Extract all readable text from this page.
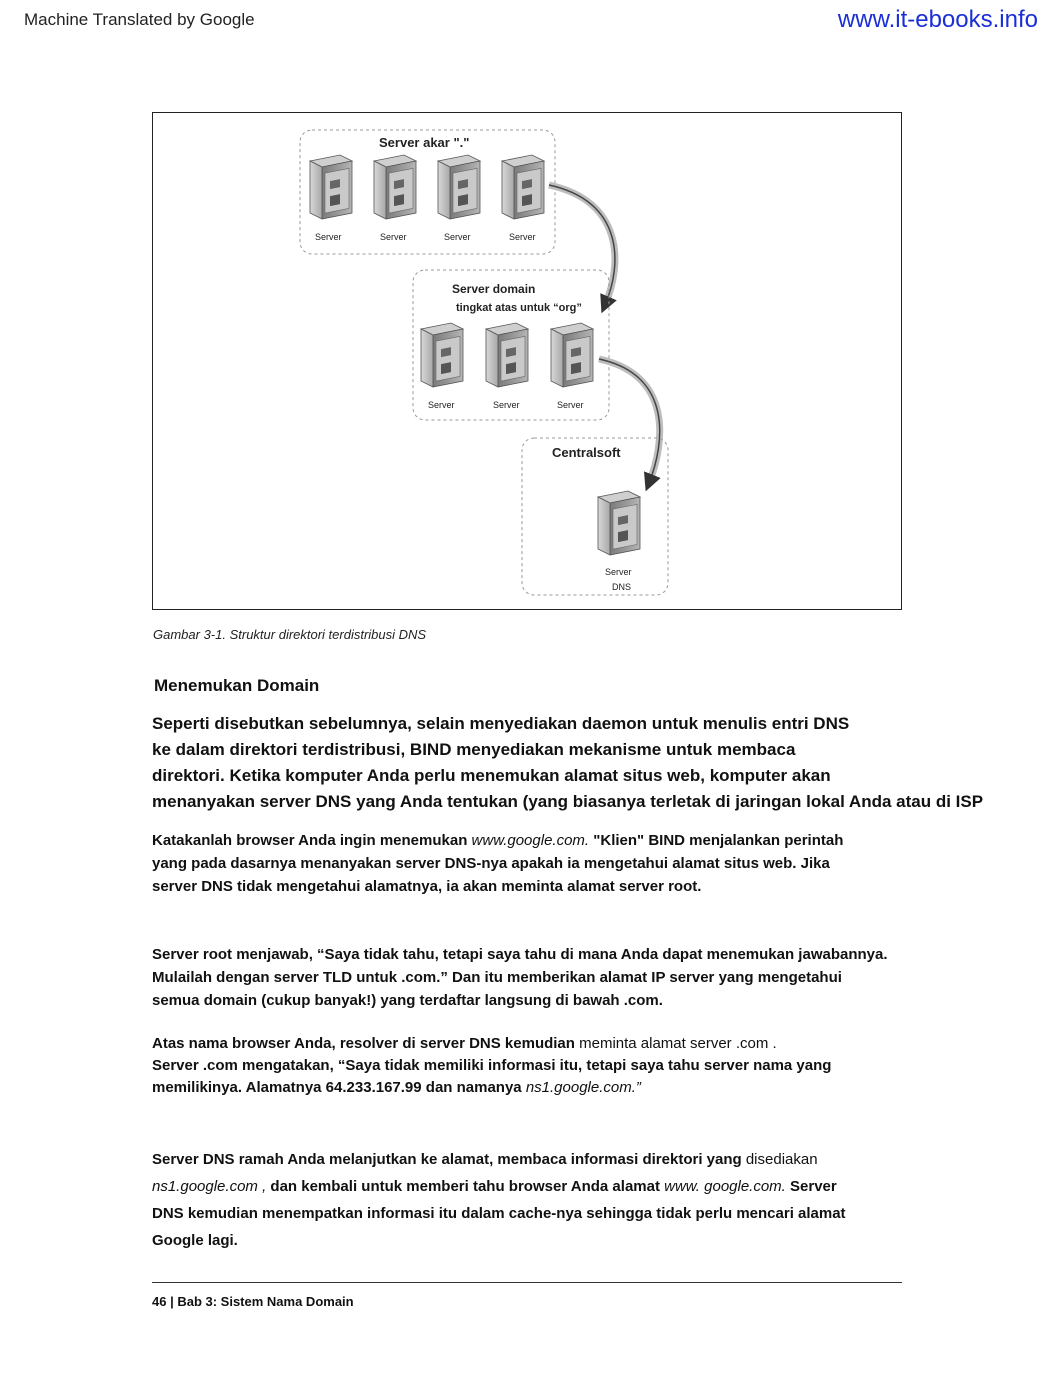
Machine Translated by Google	www.it-ebooks.info
Server akar "."
Server	Server	Server	Server
Server domain
tingkat atas untuk “org”
Server	Server	Server
Centralsoft
Server
DNS
Gambar 3-1. Struktur direktori terdistribusi DNS
Menemukan Domain
Seperti disebutkan sebelumnya, selain menyediakan daemon untuk menulis entri DNS
ke dalam direktori terdistribusi, BIND menyediakan mekanisme untuk membaca
direktori. Ketika komputer Anda perlu menemukan alamat situs web, komputer akan
menanyakan server DNS yang Anda tentukan (yang biasanya terletak di jaringan lokal Anda atau di ISP
Katakanlah browser Anda ingin menemukan www.google.com. "Klien" BIND menjalankan perintah
yang pada dasarnya menanyakan server DNS-nya apakah ia mengetahui alamat situs web. Jika
server DNS tidak mengetahui alamatnya, ia akan meminta alamat server root.
Server root menjawab, “Saya tidak tahu, tetapi saya tahu di mana Anda dapat menemukan jawabannya.
Mulailah dengan server TLD untuk .com.” Dan itu memberikan alamat IP server yang mengetahui
semua domain (cukup banyak!) yang terdaftar langsung di bawah .com.
Atas nama browser Anda, resolver di server DNS kemudian meminta alamat server .com .
Server .com mengatakan, “Saya tidak memiliki informasi itu, tetapi saya tahu server nama yang
memilikinya. Alamatnya 64.233.167.99 dan namanya ns1.google.com.”
Server DNS ramah Anda melanjutkan ke alamat, membaca informasi direktori yang disediakan
ns1.google.com , dan kembali untuk memberi tahu browser Anda alamat www. google.com. Server
DNS kemudian menempatkan informasi itu dalam cache-nya sehingga tidak perlu mencari alamat
Google lagi.
46 | Bab 3: Sistem Nama Domain
